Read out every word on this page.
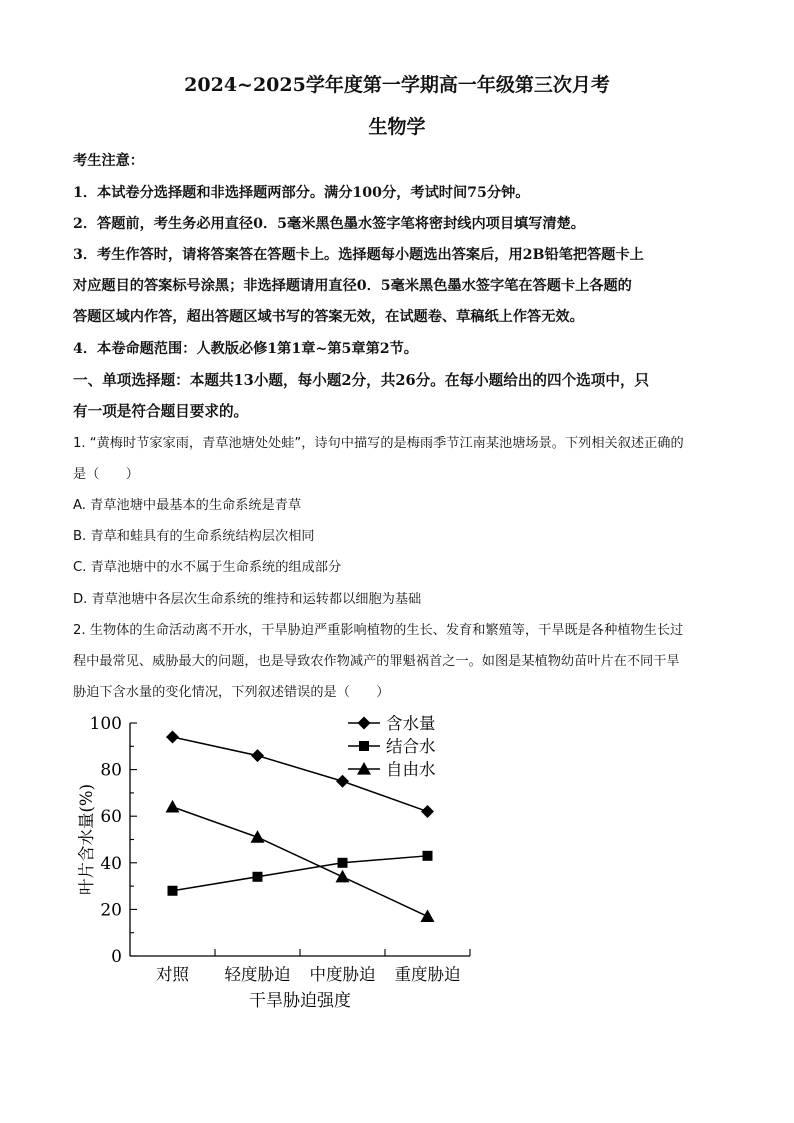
2024~2025学年度第一学期高一年级第三次月考
生物学
考生注意：
1．本试卷分选择题和非选择题两部分。满分100分，考试时间75分钟。
2．答题前，考生务必用直径0．5毫米黑色墨水签字笔将密封线内项目填写清楚。
3．考生作答时，请将答案答在答题卡上。选择题每小题选出答案后，用2B铅笔把答题卡上
对应题目的答案标号涂黑；非选择题请用直径0．5毫米黑色墨水签字笔在答题卡上各题的
答题区域内作答，超出答题区域书写的答案无效，在试题卷、草稿纸上作答无效。
4．本卷命题范围：人教版必修1第1章~第5章第2节。
一、单项选择题：本题共13小题，每小题2分，共26分。在每小题给出的四个选项中，只
有一项是符合题目要求的。
1. “黄梅时节家家雨，青草池塘处处蛙”，诗句中描写的是梅雨季节江南某池塘场景。下列相关叙述正确的
是（　　）
A. 青草池塘中最基本的生命系统是青草
B. 青草和蛙具有的生命系统结构层次相同
C. 青草池塘中的水不属于生命系统的组成部分
D. 青草池塘中各层次生命系统的维持和运转都以细胞为基础
2. 生物体的生命活动离不开水，干旱胁迫严重影响植物的生长、发育和繁殖等，干旱既是各种植物生长过
程中最常见、威胁最大的问题，也是导致农作物减产的罪魁祸首之一。如图是某植物幼苗叶片在不同干旱
胁迫下含水量的变化情况，下列叙述错误的是（　　）
100
80
60
40
20
0
对照 轻度胁迫 中度胁迫 重度胁迫
干旱胁迫强度
叶片含水量(%)
含水量
结合水
自由水
